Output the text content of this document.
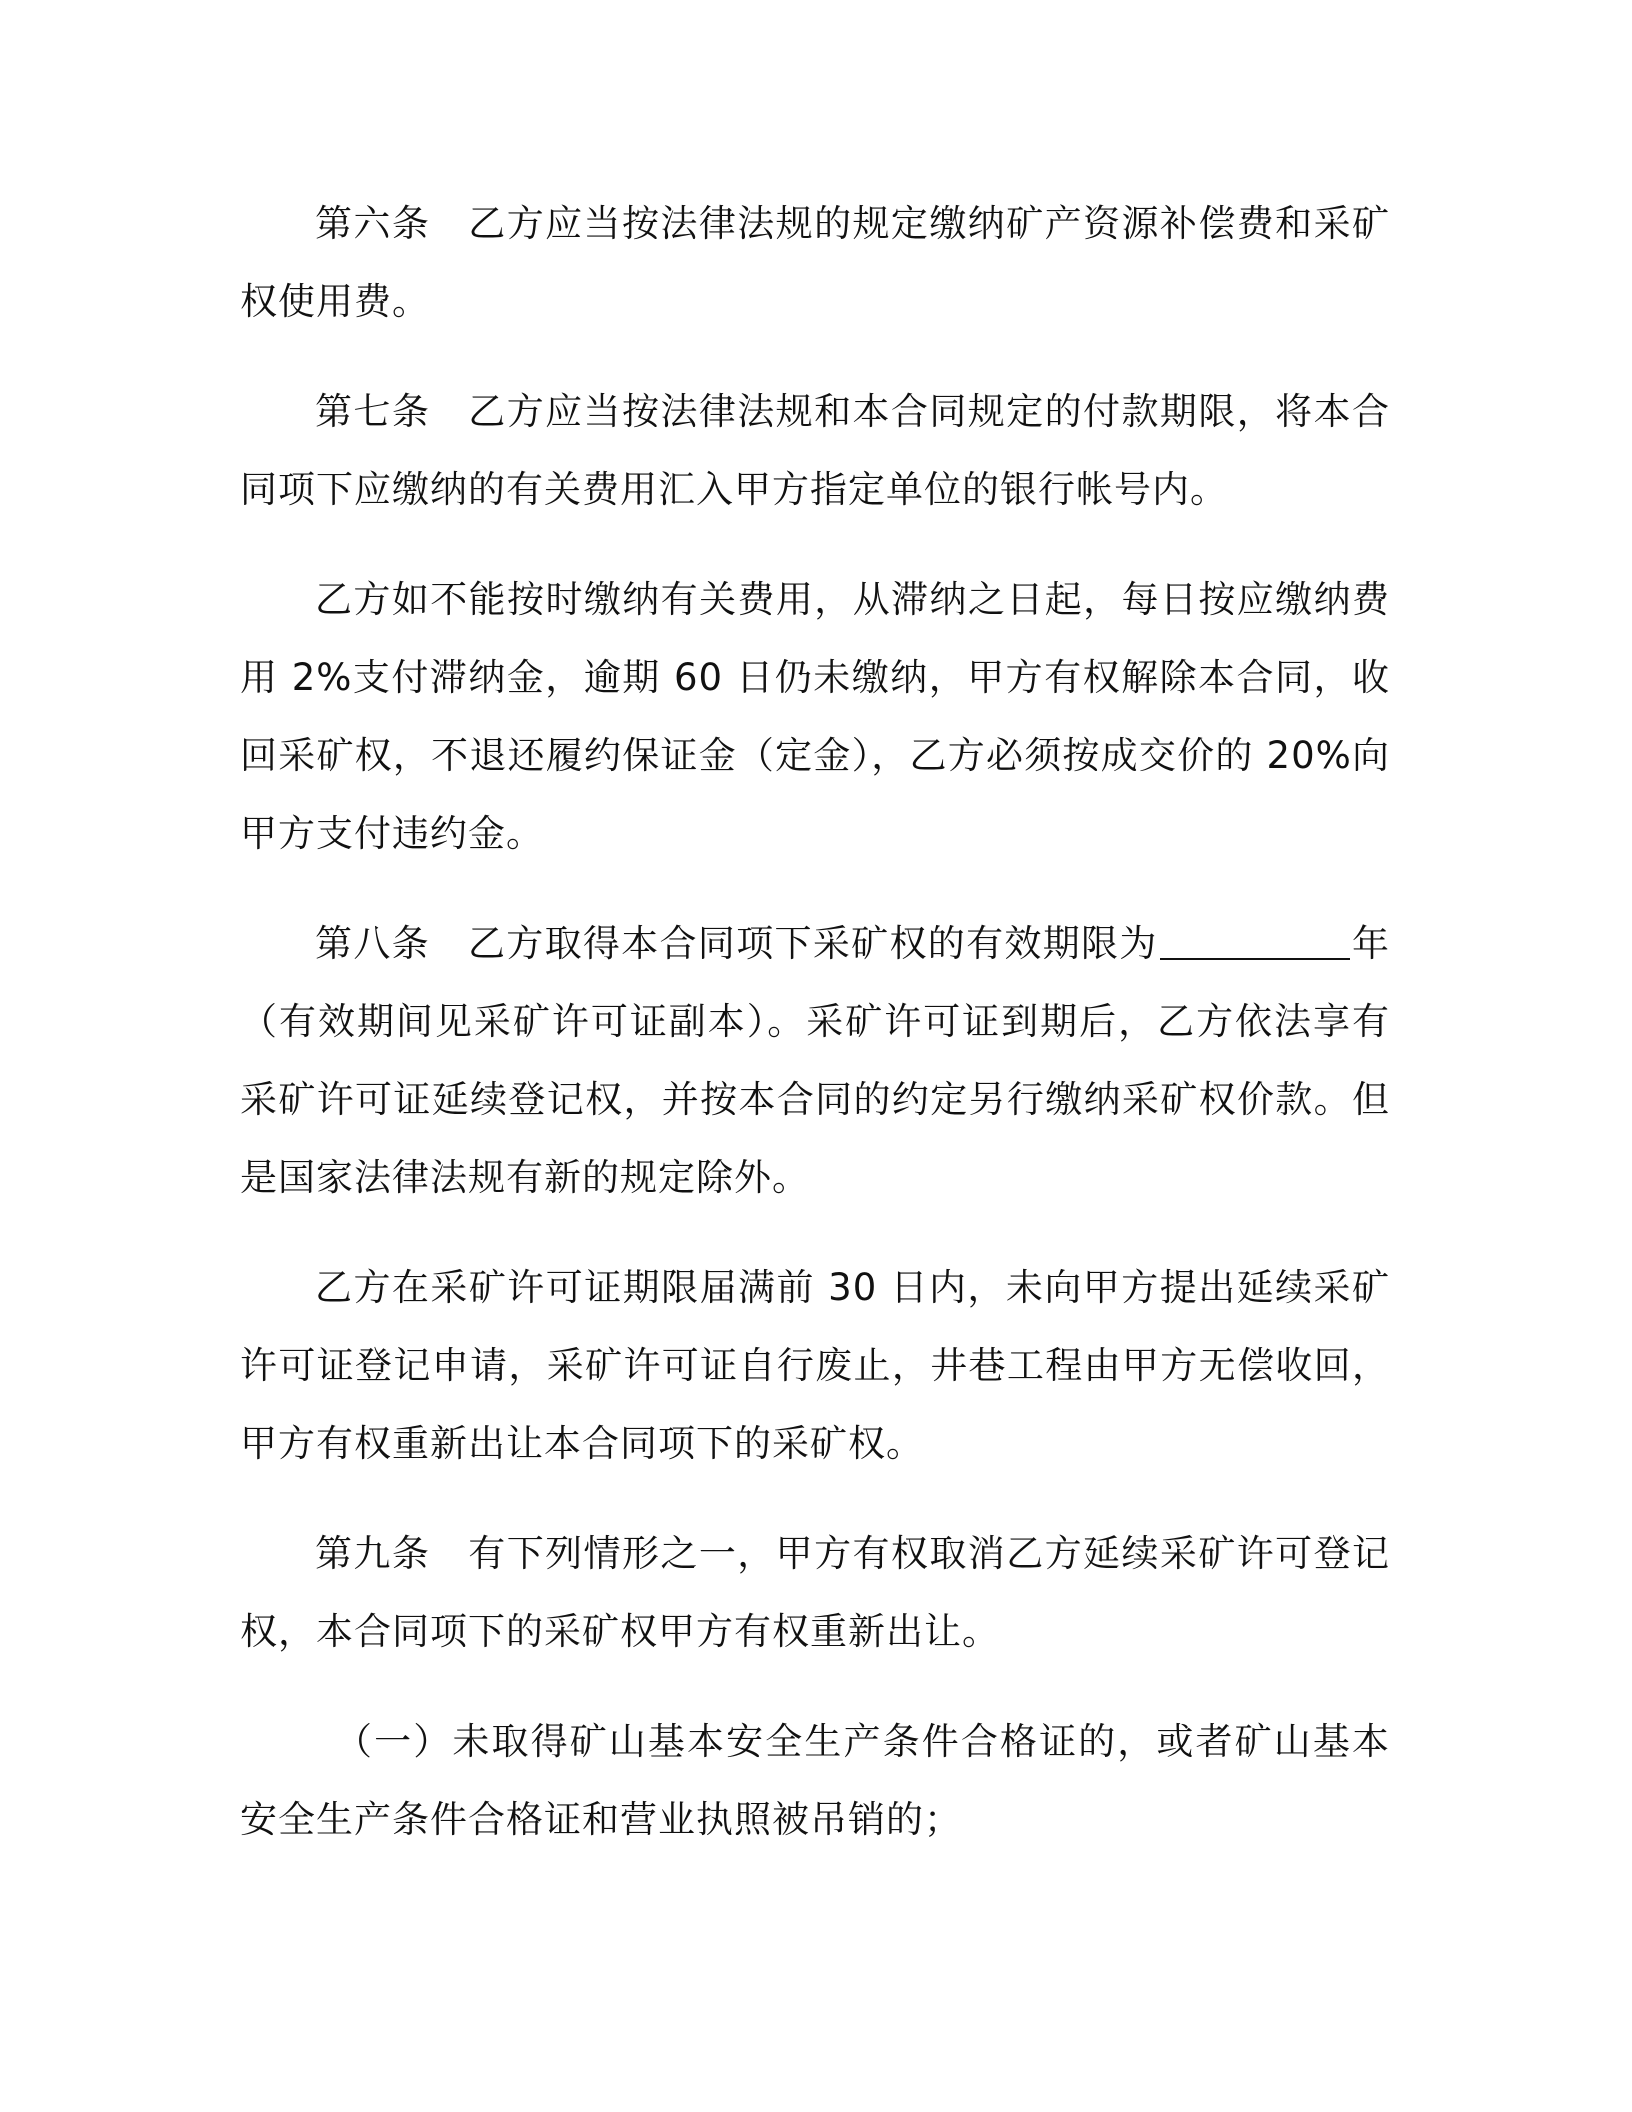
第六条 乙方应当按法律法规的规定缴纳矿产资源补偿费和采矿权使用费。

第七条 乙方应当按法律法规和本合同规定的付款期限，将本合同项下应缴纳的有关费用汇入甲方指定单位的银行帐号内。

乙方如不能按时缴纳有关费用，从滞纳之日起，每日按应缴纳费用 2%支付滞纳金，逾期 60 日仍未缴纳，甲方有权解除本合同，收回采矿权，不退还履约保证金（定金），乙方必须按成交价的 20%向甲方支付违约金。

第八条 乙方取得本合同项下采矿权的有效期限为	年（有效期间见采矿许可证副本）。采矿许可证到期后，乙方依法享有采矿许可证延续登记权，并按本合同的约定另行缴纳采矿权价款。但是国家法律法规有新的规定除外。

乙方在采矿许可证期限届满前 30 日内，未向甲方提出延续采矿许可证登记申请，采矿许可证自行废止，井巷工程由甲方无偿收回，甲方有权重新出让本合同项下的采矿权。

第九条 有下列情形之一，甲方有权取消乙方延续采矿许可登记权，本合同项下的采矿权甲方有权重新出让。

（一）未取得矿山基本安全生产条件合格证的，或者矿山基本安全生产条件合格证和营业执照被吊销的；
